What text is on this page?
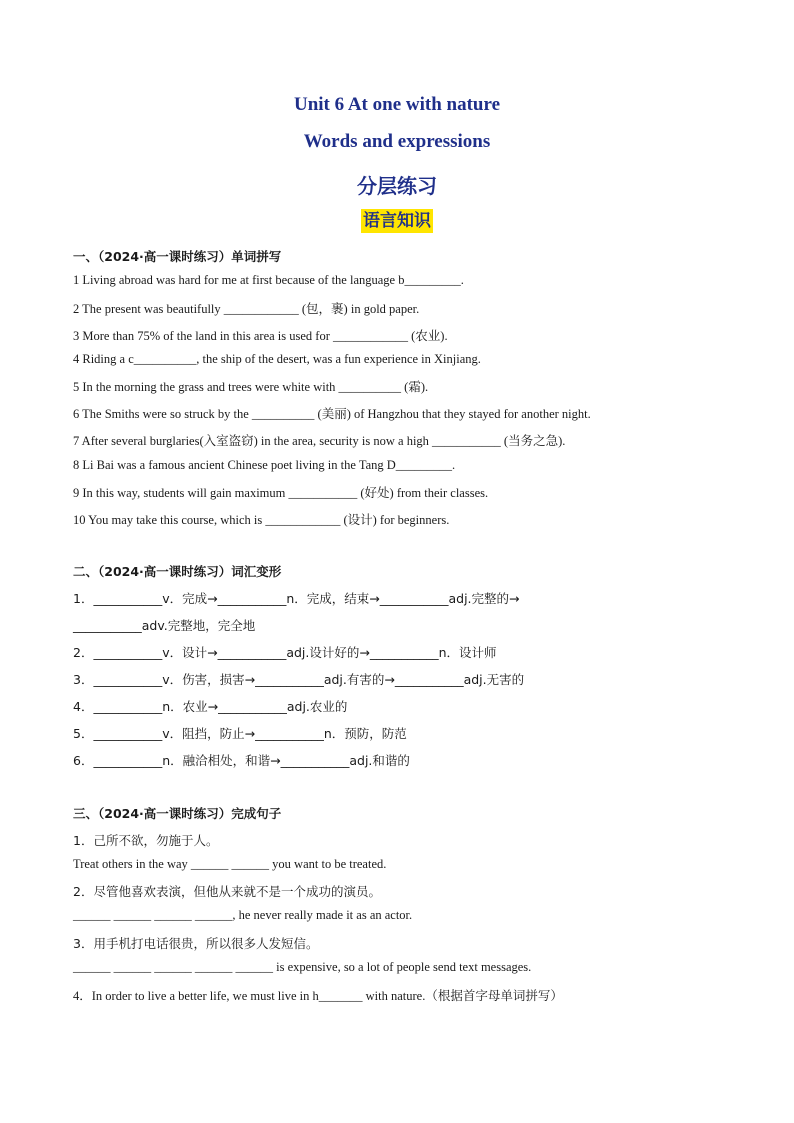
Unit 6 At one with nature
Words and expressions
分层练习
语言知识
一、（2024·高一课时练习）单词拼写
1 Living abroad was hard for me at first because of the language b_________.
2 The present was beautifully ____________ (包，裹) in gold paper.
3 More than 75% of the land in this area is used for ____________ (农业).
4 Riding a c__________, the ship of the desert, was a fun experience in Xinjiang.
5 In the morning the grass and trees were white with __________ (霜).
6 The Smiths were so struck by the __________ (美丽) of Hangzhou that they stayed for another night.
7 After several burglaries(入室盗窃) in the area, security is now a high ___________ (当务之急).
8 Li Bai was a famous ancient Chinese poet living in the Tang D_________.
9 In this way, students will gain maximum ___________ (好处) from their classes.
10 You may take this course, which is ____________ (设计) for beginners.
二、（2024·高一课时练习）词汇变形
1．___________v．完成→___________n．完成，结束→___________adj.完整的→
___________adv.完整地，完全地
2．___________v．设计→___________adj.设计好的→___________n．设计师
3．___________v．伤害，损害→___________adj.有害的→___________adj.无害的
4．___________n．农业→___________adj.农业的
5．___________v．阻挡，防止→___________n．预防，防范
6．___________n．融洽相处，和谐→___________adj.和谐的
三、（2024·高一课时练习）完成句子
1．己所不欲，勿施于人。
Treat others in the way ______ ______ you want to be treated.
2．尽管他喜欢表演，但他从来就不是一个成功的演员。
______ ______ ______ ______, he never really made it as an actor.
3．用手机打电话很贵，所以很多人发短信。
______ ______ ______ ______ ______ is expensive, so a lot of people send text messages.
4．In order to live a better life, we must live in h_______ with nature.（根据首字母单词拼写）
